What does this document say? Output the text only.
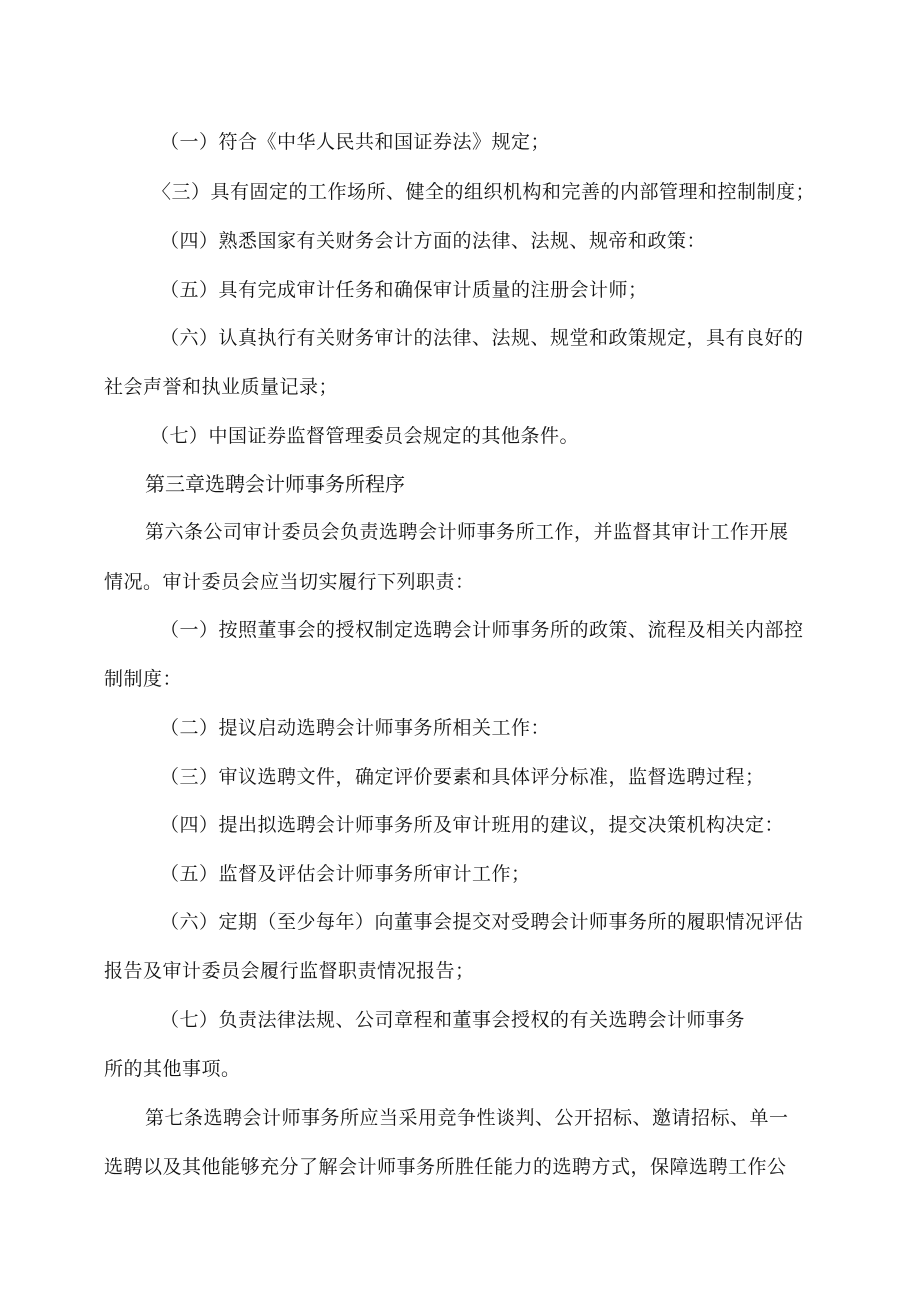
（一）符合《中华人民共和国证券法》规定；
〈三）具有固定的工作场所、健全的组织机构和完善的内部管理和控制制度；
（四）熟悉国家有关财务会计方面的法律、法规、规帝和政策：
（五）具有完成审计任务和确保审计质量的注册会计师；
（六）认真执行有关财务审计的法律、法规、规堂和政策规定，具有良好的
社会声誉和执业质量记录；
（七）中国证券监督管理委员会规定的其他条件。
第三章选聘会计师事务所程序
第六条公司审计委员会负责选聘会计师事务所工作，并监督其审计工作开展
情况。审计委员会应当切实履行下列职责：
（一）按照董事会的授权制定选聘会计师事务所的政策、流程及相关内部控
制制度：
（二）提议启动选聘会计师事务所相关工作：
（三）审议选聘文件，确定评价要素和具体评分标准，监督选聘过程；
（四）提出拟选聘会计师事务所及审计班用的建议，提交决策机构决定：
（五）监督及评估会计师事务所审计工作；
（六）定期（至少每年）向董事会提交对受聘会计师事务所的履职情况评估
报告及审计委员会履行监督职责情况报告；
（七）负责法律法规、公司章程和董事会授权的有关选聘会计师事务
所的其他事项。
第七条选聘会计师事务所应当采用竞争性谈判、公开招标、邀请招标、单一
选聘以及其他能够充分了解会计师事务所胜任能力的选聘方式，保障选聘工作公
